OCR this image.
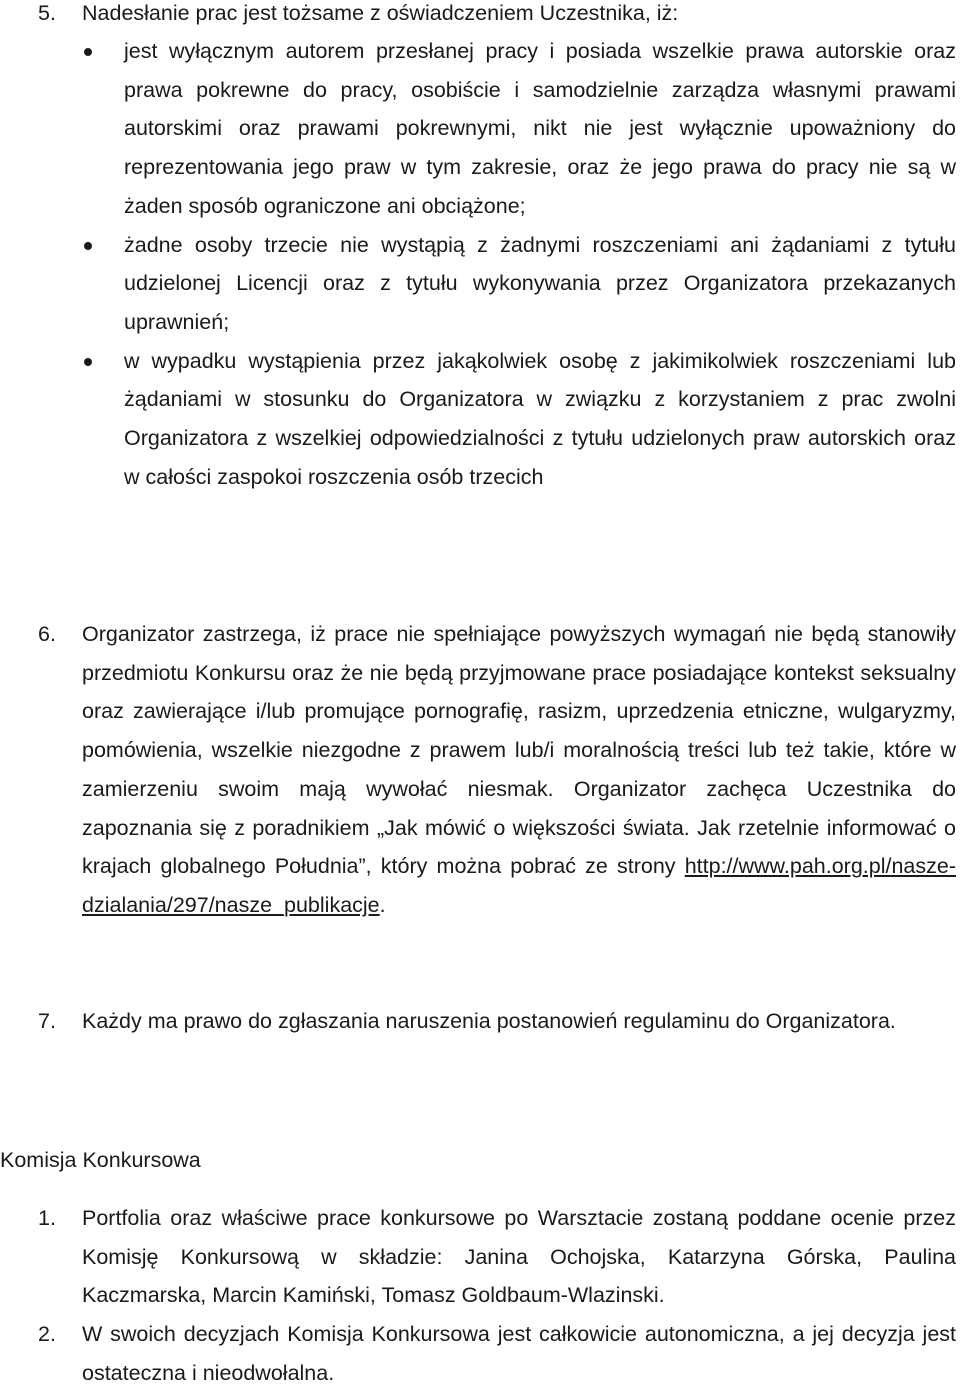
5. Nadesłanie prac jest tożsame z oświadczeniem Uczestnika, iż:
jest wyłącznym autorem przesłanej pracy i posiada wszelkie prawa autorskie oraz prawa pokrewne do pracy, osobiście i samodzielnie zarządza własnymi prawami autorskimi oraz prawami pokrewnymi, nikt nie jest wyłącznie upoważniony do reprezentowania jego praw w tym zakresie, oraz że jego prawa do pracy nie są w żaden sposób ograniczone ani obciążone;
żadne osoby trzecie nie wystąpią z żadnymi roszczeniami ani żądaniami z tytułu udzielonej Licencji oraz z tytułu wykonywania przez Organizatora przekazanych uprawnień;
w wypadku wystąpienia przez jakąkolwiek osobę z jakimikolwiek roszczeniami lub żądaniami w stosunku do Organizatora w związku z korzystaniem z prac zwolni Organizatora z wszelkiej odpowiedzialności z tytułu udzielonych praw autorskich oraz w całości zaspokoi roszczenia osób trzecich
6. Organizator zastrzega, iż prace nie spełniające powyższych wymagań nie będą stanowiły przedmiotu Konkursu oraz że nie będą przyjmowane prace posiadające kontekst seksualny oraz zawierające i/lub promujące pornografię, rasizm, uprzedzenia etniczne, wulgaryzmy, pomówienia, wszelkie niezgodne z prawem lub/i moralnością treści lub też takie, które w zamierzeniu swoim mają wywołać niesmak. Organizator zachęca Uczestnika do zapoznania się z poradnikiem „Jak mówić o większości świata. Jak rzetelnie informować o krajach globalnego Południa”, który można pobrać ze strony http://www.pah.org.pl/nasze-dzialania/297/nasze_publikacje.
7. Każdy ma prawo do zgłaszania naruszenia postanowień regulaminu do Organizatora.
Komisja Konkursowa
1. Portfolia oraz właściwe prace konkursowe po Warsztacie zostaną poddane ocenie przez Komisję Konkursową w składzie: Janina Ochojska, Katarzyna Górska, Paulina Kaczmarska, Marcin Kamiński, Tomasz Goldbaum-Wlazinski.
2. W swoich decyzjach Komisja Konkursowa jest całkowicie autonomiczna, a jej decyzja jest ostateczna i nieodwołalna.
